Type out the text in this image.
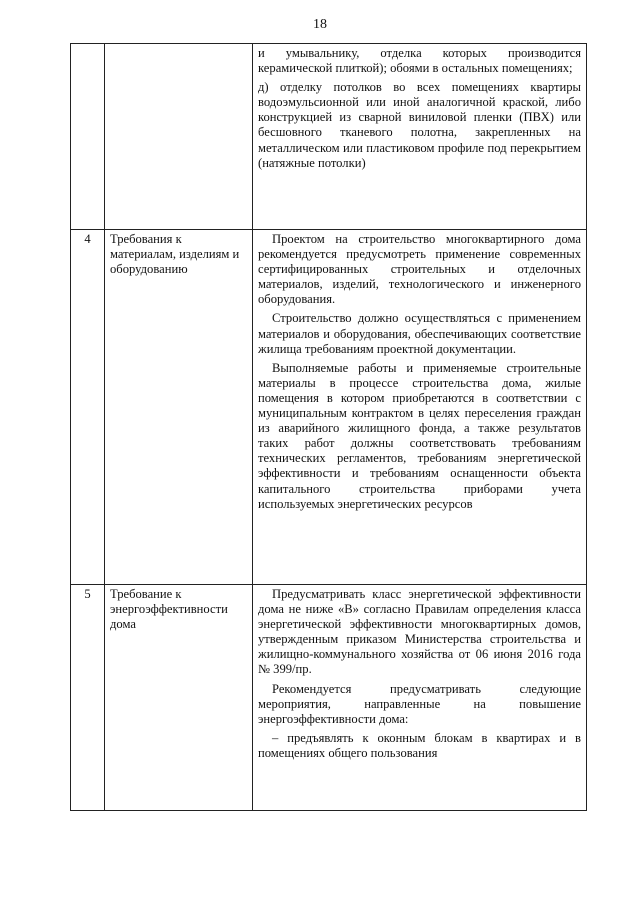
18

		и умывальнику, отделка которых производится керамической плиткой); обоями в остальных помещениях;

д) отделку потолков во всех помещениях квартиры водоэмульсионной или иной аналогичной краской, либо конструкцией из сварной виниловой пленки (ПВХ) или бесшовного тканевого полотна, закрепленных на металлическом или пластиковом профиле под перекрытием (натяжные потолки)

4	Требования к материалам, изделиям и оборудованию	Проектом на строительство многоквартирного дома рекомендуется предусмотреть применение современных сертифицированных строительных и отделочных материалов, изделий, технологического и инженерного оборудования.

Строительство должно осуществляться с применением материалов и оборудования, обеспечивающих соответствие жилища требованиям проектной документации.

Выполняемые работы и применяемые строительные материалы в процессе строительства дома, жилые помещения в котором приобретаются в соответствии с муниципальным контрактом в целях переселения граждан из аварийного жилищного фонда, а также результатов таких работ должны соответствовать требованиям технических регламентов, требованиям энергетической эффективности и требованиям оснащенности объекта капитального строительства приборами учета используемых энергетических ресурсов

5	Требование к энергоэффективности дома	Предусматривать класс энергетической эффективности дома не ниже «В» согласно Правилам определения класса энергетической эффективности многоквартирных домов, утвержденным приказом Министерства строительства и жилищно-коммунального хозяйства от 06 июня 2016 года № 399/пр.

Рекомендуется предусматривать следующие мероприятия, направленные на повышение энергоэффективности дома:

– предъявлять к оконным блокам в квартирах и в помещениях общего пользования
